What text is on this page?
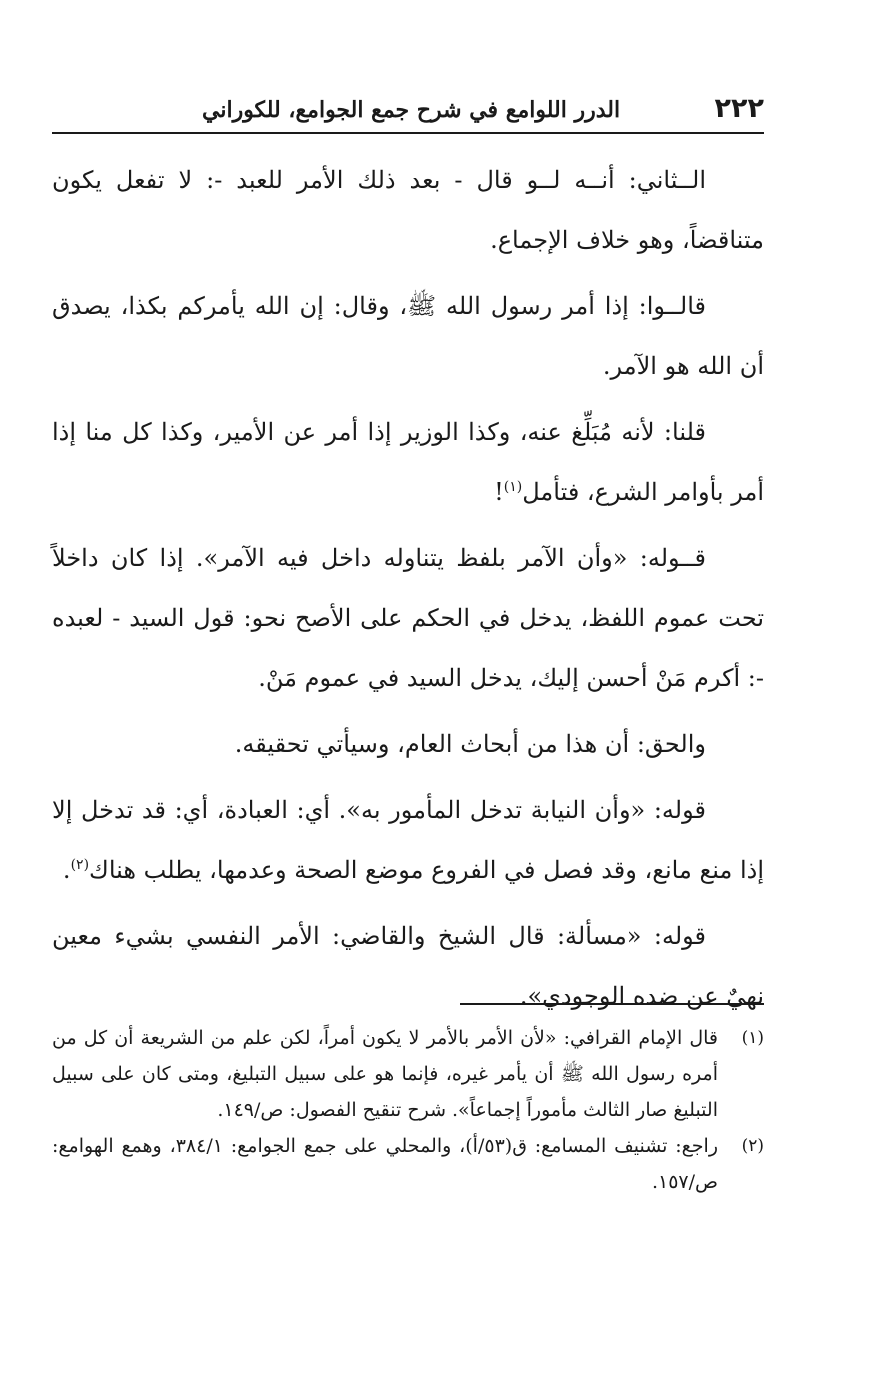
٢٢٢
الدرر اللوامع في شرح جمع الجوامع، للكوراني

الــثاني: أنــه لــو قال - بعد ذلك الأمر للعبد -: لا تفعل يكون متناقضاً، وهو خلاف الإجماع.

قالــوا: إذا أمر رسول الله ﷺ، وقال: إن الله يأمركم بكذا، يصدق أن الله هو الآمر.

قلنا: لأنه مُبَلِّغ عنه، وكذا الوزير إذا أمر عن الأمير، وكذا كل منا إذا أمر بأوامر الشرع، فتأمل$^{(١)}$!

قــوله: «وأن الآمر بلفظ يتناوله داخل فيه الآمر». إذا كان داخلاً تحت عموم اللفظ، يدخل في الحكم على الأصح نحو: قول السيد - لعبده -: أكرم مَنْ أحسن إليك، يدخل السيد في عموم مَنْ.

والحق: أن هذا من أبحاث العام، وسيأتي تحقيقه.

قوله: «وأن النيابة تدخل المأمور به». أي: العبادة، أي: قد تدخل إلا إذا منع مانع، وقد فصل في الفروع موضع الصحة وعدمها، يطلب هناك$^{(٢)}$.

قوله: «مسألة: قال الشيخ والقاضي: الأمر النفسي بشيء معين نهيٌ عن ضده الوجودي».

(١)
قال الإمام القرافي: «لأن الأمر بالأمر لا يكون أمراً، لكن علم من الشريعة أن كل من أمره رسول الله ﷺ أن يأمر غيره، فإنما هو على سبيل التبليغ، ومتى كان على سبيل التبليغ صار الثالث مأموراً إجماعاً». شرح تنقيح الفصول: ص/١٤٩.

(٢)
راجع: تشنيف المسامع: ق(٥٣/أ)، والمحلي على جمع الجوامع: ٣٨٤/١، وهمع الهوامع: ص/١٥٧.
